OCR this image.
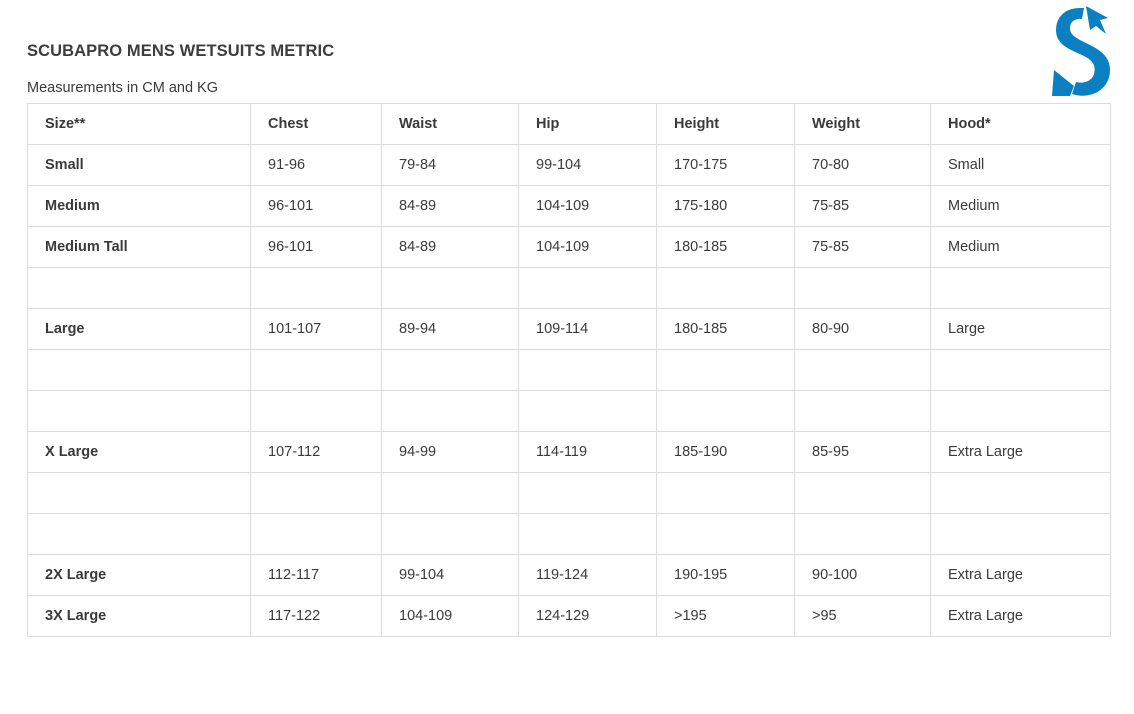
SCUBAPRO MENS WETSUITS METRIC
Measurements in CM and KG
Size**	Chest	Waist	Hip	Height	Weight	Hood*
Small	91-96	79-84	99-104	170-175	70-80	Small
Medium	96-101	84-89	104-109	175-180	75-85	Medium
Medium Tall	96-101	84-89	104-109	180-185	75-85	Medium

Large	101-107	89-94	109-114	180-185	80-90	Large

X Large	107-112	94-99	114-119	185-190	85-95	Extra Large

2X Large	112-117	99-104	119-124	190-195	90-100	Extra Large
3X Large	117-122	104-109	124-129	>195	>95	Extra Large
